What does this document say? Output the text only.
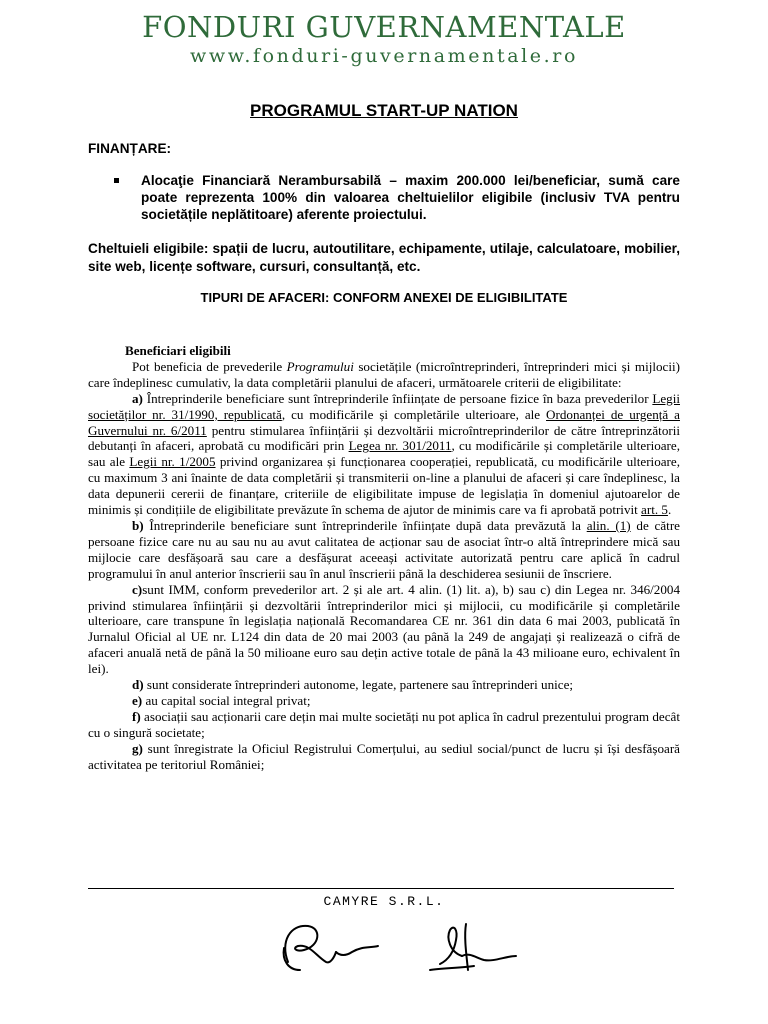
FONDURI GUVERNAMENTALE
www.fonduri-guvernamentale.ro
PROGRAMUL START-UP NATION
FINANȚARE:
Alocaţie Financiară Nerambursabilă – maxim 200.000 lei/beneficiar, sumă care poate reprezenta 100% din valoarea cheltuielilor eligibile (inclusiv TVA pentru societățile neplătitoare) aferente proiectului.
Cheltuieli eligibile: spații de lucru, autoutilitare, echipamente, utilaje, calculatoare, mobilier, site web, licențe software, cursuri, consultanță, etc.
TIPURI DE AFACERI: CONFORM ANEXEI DE ELIGIBILITATE

Beneficiari eligibili

Pot beneficia de prevederile Programului societățile (microîntreprinderi, întreprinderi mici și mijlocii) care îndeplinesc cumulativ, la data completării planului de afaceri, următoarele criterii de eligibilitate:

a) Întreprinderile beneficiare sunt întreprinderile înființate de persoane fizice în baza prevederilor Legii societăților nr. 31/1990, republicată, cu modificările și completările ulterioare, ale Ordonanței de urgență a Guvernului nr. 6/2011 pentru stimularea înființării și dezvoltării microîntreprinderilor de către întreprinzătorii debutanți în afaceri, aprobată cu modificări prin Legea nr. 301/2011, cu modificările și completările ulterioare, sau ale Legii nr. 1/2005 privind organizarea și funcționarea cooperației, republicată, cu modificările ulterioare, cu maximum 3 ani înainte de data completării și transmiterii on-line a planului de afaceri și care îndeplinesc, la data depunerii cererii de finanțare, criteriile de eligibilitate impuse de legislația în domeniul ajutoarelor de minimis și condițiile de eligibilitate prevăzute în schema de ajutor de minimis care va fi aprobată potrivit art. 5.

b) Întreprinderile beneficiare sunt întreprinderile înființate după data prevăzută la alin. (1) de către persoane fizice care nu au sau nu au avut calitatea de acționar sau de asociat într-o altă întreprindere mică sau mijlocie care desfășoară sau care a desfășurat aceeași activitate autorizată pentru care aplică în cadrul programului în anul anterior înscrierii sau în anul înscrierii până la deschiderea sesiunii de înscriere.

c)sunt IMM, conform prevederilor art. 2 și ale art. 4 alin. (1) lit. a), b) sau c) din Legea nr. 346/2004 privind stimularea înființării și dezvoltării întreprinderilor mici și mijlocii, cu modificările și completările ulterioare, care transpune în legislația națională Recomandarea CE nr. 361 din data 6 mai 2003, publicată în Jurnalul Oficial al UE nr. L124 din data de 20 mai 2003 (au până la 249 de angajați și realizează o cifră de afaceri anuală netă de până la 50 milioane euro sau dețin active totale de până la 43 milioane euro, echivalent în lei).

d) sunt considerate întreprinderi autonome, legate, partenere sau întreprinderi unice;

e) au capital social integral privat;

f) asociații sau acționarii care dețin mai multe societăți nu pot aplica în cadrul prezentului program decât cu o singură societate;

g) sunt înregistrate la Oficiul Registrului Comerțului, au sediul social/punct de lucru și își desfășoară activitatea pe teritoriul României;

CAMYRE S.R.L.
